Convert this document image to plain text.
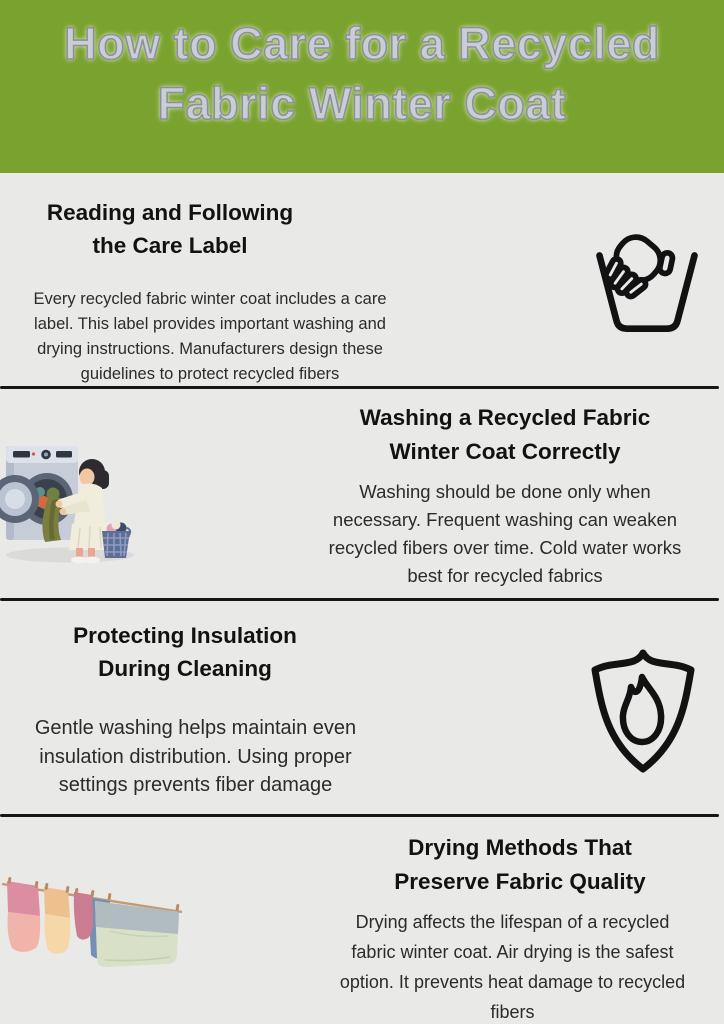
How to Care for a Recycled
Fabric Winter Coat
Reading and Following
the Care Label
Every recycled fabric winter coat includes a care
label. This label provides important washing and
drying instructions. Manufacturers design these
guidelines to protect recycled fibers
Washing a Recycled Fabric
Winter Coat Correctly
Washing should be done only when
necessary. Frequent washing can weaken
recycled fibers over time. Cold water works
best for recycled fabrics
Protecting Insulation
During Cleaning
Gentle washing helps maintain even
insulation distribution. Using proper
settings prevents fiber damage
Drying Methods That
Preserve Fabric Quality
Drying affects the lifespan of a recycled
fabric winter coat. Air drying is the safest
option. It prevents heat damage to recycled
fibers
